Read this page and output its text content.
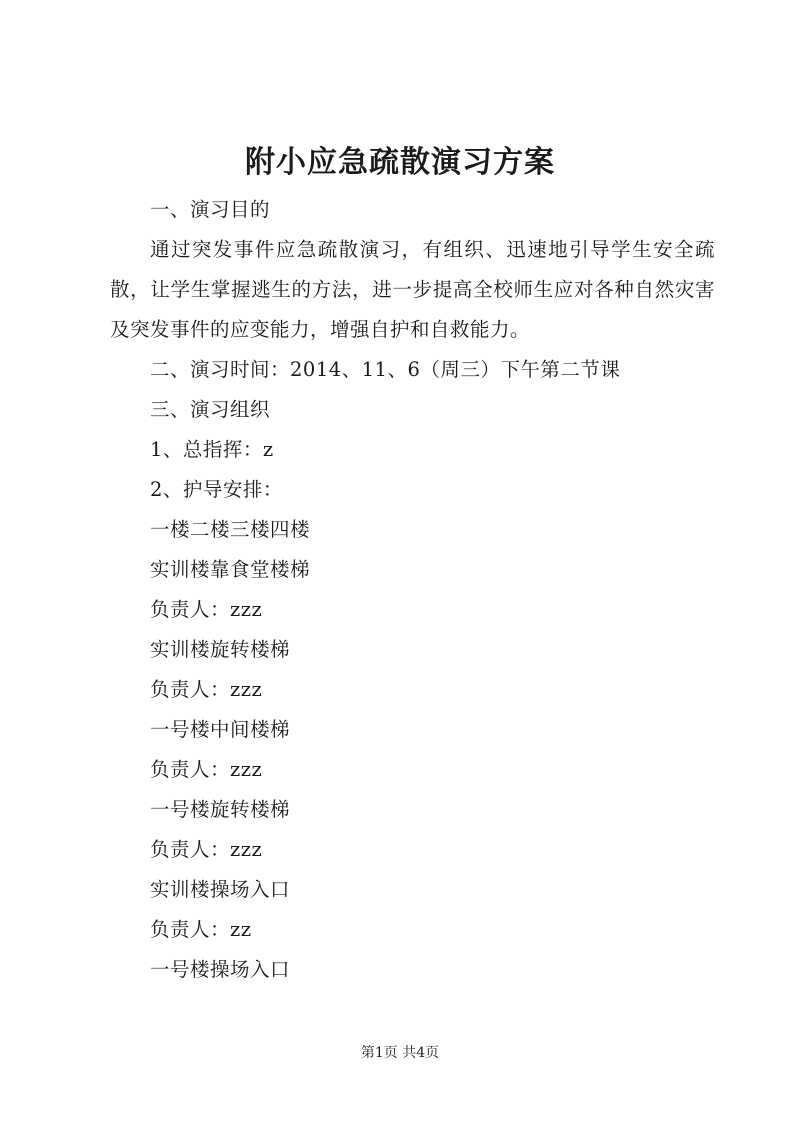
附小应急疏散演习方案

一、演习目的

通过突发事件应急疏散演习，有组织、迅速地引导学生安全疏散，让学生掌握逃生的方法，进一步提高全校师生应对各种自然灾害及突发事件的应变能力，增强自护和自救能力。

二、演习时间：2014、11、6（周三）下午第二节课

三、演习组织

1、总指挥：z

2、护导安排：

一楼二楼三楼四楼

实训楼靠食堂楼梯

负责人：zzz

实训楼旋转楼梯

负责人：zzz

一号楼中间楼梯

负责人：zzz

一号楼旋转楼梯

负责人：zzz

实训楼操场入口

负责人：zz

一号楼操场入口

第1页 共4页
